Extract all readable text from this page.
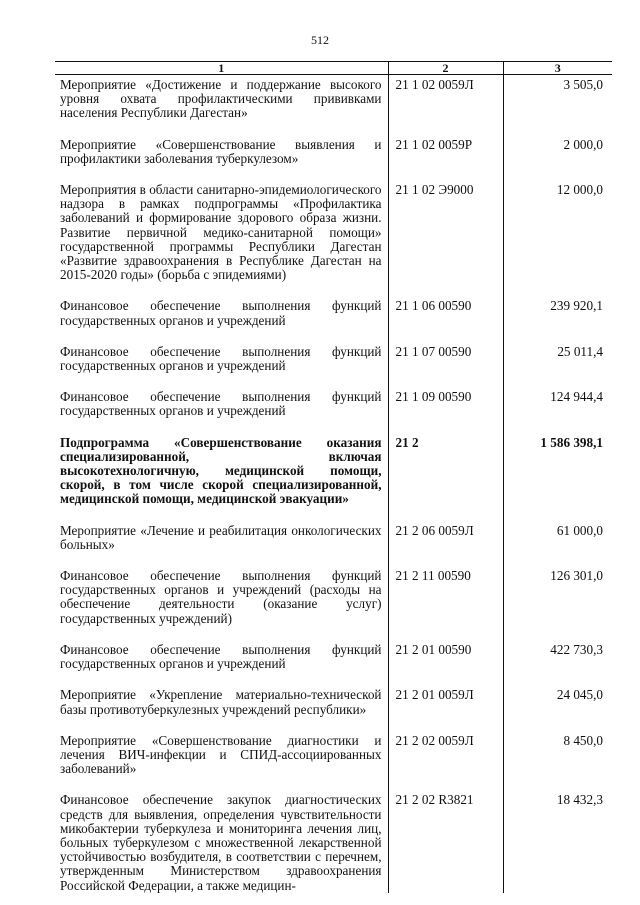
512
1	2	3
Мероприятие «Достижение и поддержание высокого уровня охвата профилактическими прививками населения Республики Дагестан»	21 1 02 0059Л	3 505,0

Мероприятие «Совершенствование выявления и профилактики заболевания туберкулезом»	21 1 02 0059Р	2 000,0

Мероприятия в области санитарно-эпидемиологического надзора в рамках подпрограммы «Профилактика заболеваний и формирование здорового образа жизни. Развитие первичной медико-санитарной помощи» государственной программы Республики Дагестан «Развитие здравоохранения в Республике Дагестан на 2015-2020 годы» (борьба с эпидемиями)	21 1 02 Э9000	12 000,0

Финансовое обеспечение выполнения функций государственных органов и учреждений	21 1 06 00590	239 920,1

Финансовое обеспечение выполнения функций государственных органов и учреждений	21 1 07 00590	25 011,4

Финансовое обеспечение выполнения функций государственных органов и учреждений	21 1 09 00590	124 944,4

Подпрограмма «Совершенствование оказания специализированной, включая высокотехнологичную, медицинской помощи, скорой, в том числе скорой специализированной, медицинской помощи, медицинской эвакуации»	21 2	1 586 398,1

Мероприятие «Лечение и реабилитация онкологических больных»	21 2 06 0059Л	61 000,0

Финансовое обеспечение выполнения функций государственных органов и учреждений (расходы на обеспечение деятельности (оказание услуг) государственных учреждений)	21 2 11 00590	126 301,0

Финансовое обеспечение выполнения функций государственных органов и учреждений	21 2 01 00590	422 730,3

Мероприятие «Укрепление материально-технической базы противотуберкулезных учреждений республики»	21 2 01 0059Л	24 045,0

Мероприятие «Совершенствование диагностики и лечения ВИЧ-инфекции и СПИД-ассоциированных заболеваний»	21 2 02 0059Л	8 450,0

Финансовое обеспечение закупок диагностических средств для выявления, определения чувствительности микобактерии туберкулеза и мониторинга лечения лиц, больных туберкулезом с множественной лекарственной устойчивостью возбудителя, в соответствии с перечнем, утвержденным Министерством здравоохранения Российской Федерации, а также медицин-	21 2 02 R3821	18 432,3
